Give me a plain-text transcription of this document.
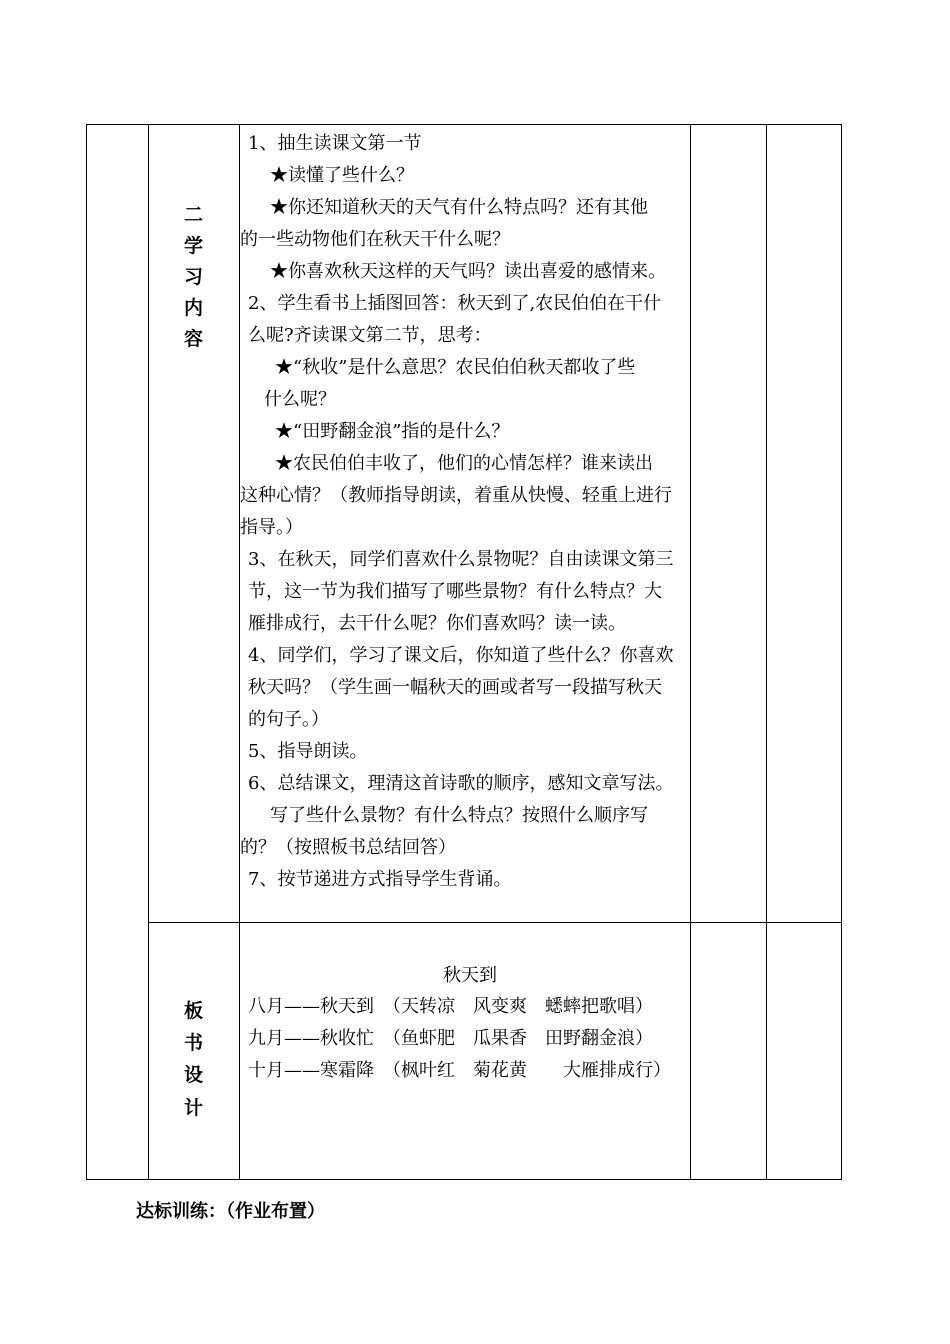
二
学
习
内
容
1、抽生读课文第一节
★读懂了些什么？
★你还知道秋天的天气有什么特点吗？还有其他
的一些动物他们在秋天干什么呢？
★你喜欢秋天这样的天气吗？读出喜爱的感情来。
2、学生看书上插图回答：秋天到了,农民伯伯在干什
么呢?齐读课文第二节，思考：
★“秋收”是什么意思？农民伯伯秋天都收了些
什么呢？
★“田野翻金浪”指的是什么？
★农民伯伯丰收了，他们的心情怎样？谁来读出
这种心情？（教师指导朗读，着重从快慢、轻重上进行
指导。）
3、在秋天，同学们喜欢什么景物呢？自由读课文第三
节，这一节为我们描写了哪些景物？有什么特点？大
雁排成行，去干什么呢？你们喜欢吗？读一读。
4、同学们，学习了课文后，你知道了些什么？你喜欢
秋天吗？（学生画一幅秋天的画或者写一段描写秋天
的句子。）
5、指导朗读。
6、总结课文，理清这首诗歌的顺序，感知文章写法。
写了些什么景物？有什么特点？按照什么顺序写
的？（按照板书总结回答）
7、按节递进方式指导学生背诵。
板
书
设
计
秋天到
八月——秋天到　（天转凉　风变爽　蟋蟀把歌唱）
九月——秋收忙　（鱼虾肥　瓜果香　田野翻金浪）
十月——寒霜降　（枫叶红　菊花黄　　大雁排成行）
达标训练：（作业布置）
